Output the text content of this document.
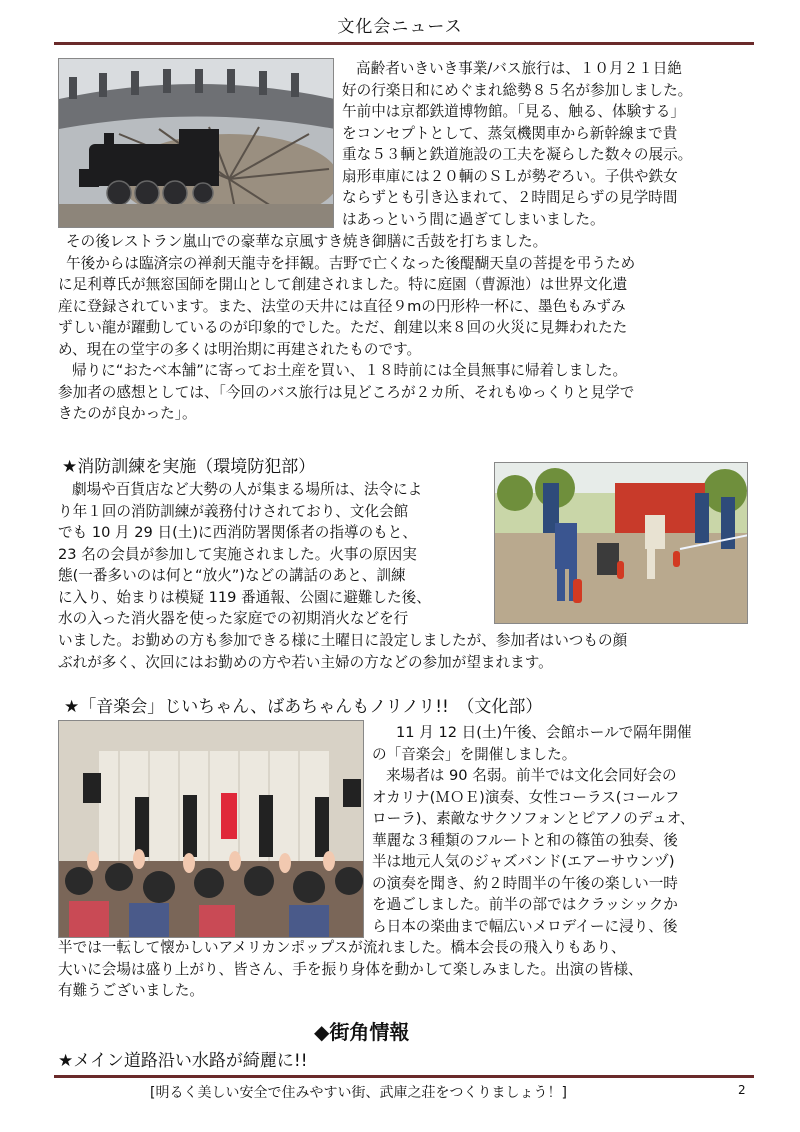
文化会ニュース
高齢者いきいき事業/バス旅行は、１０月２１日絶
好の行楽日和にめぐまれ総勢８５名が参加しました。
午前中は京都鉄道博物館。「見る、触る、体験する」
をコンセプトとして、蒸気機関車から新幹線まで貴
重な５３輌と鉄道施設の工夫を凝らした数々の展示。
扇形車庫には２０輌のＳＬが勢ぞろい。子供や鉄女
ならずとも引き込まれて、２時間足らずの見学時間
はあっという間に過ぎてしまいました。
その後レストラン嵐山での豪華な京風すき焼き御膳に舌鼓を打ちました。
午後からは臨済宗の禅刹天龍寺を拝観。吉野で亡くなった後醍醐天皇の菩提を弔うため
に足利尊氏が無窓国師を開山として創建されました。特に庭園（曹源池）は世界文化遺
産に登録されています。また、法堂の天井には直径９mの円形枠一杯に、墨色もみずみ
ずしい龍が躍動しているのが印象的でした。ただ、創建以来８回の火災に見舞われたた
め、現在の堂宇の多くは明治期に再建されたものです。
帰りに“おたべ本舗”に寄ってお土産を買い、１８時前には全員無事に帰着しました。
参加者の感想としては、「今回のバス旅行は見どころが２カ所、それもゆっくりと見学で
きたのが良かった」。
★消防訓練を実施（環境防犯部）
劇場や百貨店など大勢の人が集まる場所は、法令によ
り年１回の消防訓練が義務付けされており、文化会館
でも 10 月 29 日(土)に西消防署関係者の指導のもと、
23 名の会員が参加して実施されました。火事の原因実
態(一番多いのは何と“放火”)などの講話のあと、訓練
に入り、始まりは模疑 119 番通報、公園に避難した後、
水の入った消火器を使った家庭での初期消火などを行
いました。お勤めの方も参加できる様に土曜日に設定しましたが、参加者はいつもの顔
ぶれが多く、次回にはお勤めの方や若い主婦の方などの参加が望まれます。
★「音楽会」じいちゃん、ばあちゃんもノリノリ!!　（文化部）
11 月 12 日(土)午後、会館ホールで隔年開催
の「音楽会」を開催しました。
来場者は 90 名弱。前半では文化会同好会の
オカリナ(ＭＯＥ)演奏、女性コーラス(コールフ
ローラ)、素敵なサクソフォンとピアノのデュオ、
華麗な３種類のフルートと和の篠笛の独奏、後
半は地元人気のジャズバンド(エアーサウンヅ)
の演奏を聞き、約２時間半の午後の楽しい一時
を過ごしました。前半の部ではクラッシックか
ら日本の楽曲まで幅広いメロデイーに浸り、後
半では一転して懐かしいアメリカンポップスが流れました。橋本会長の飛入りもあり、
大いに会場は盛り上がり、皆さん、手を振り身体を動かして楽しみました。出演の皆様、
有難うございました。
◆街角情報
★メイン道路沿い水路が綺麗に!!
[明るく美しい安全で住みやすい街、武庫之荘をつくりましょう！]	2
